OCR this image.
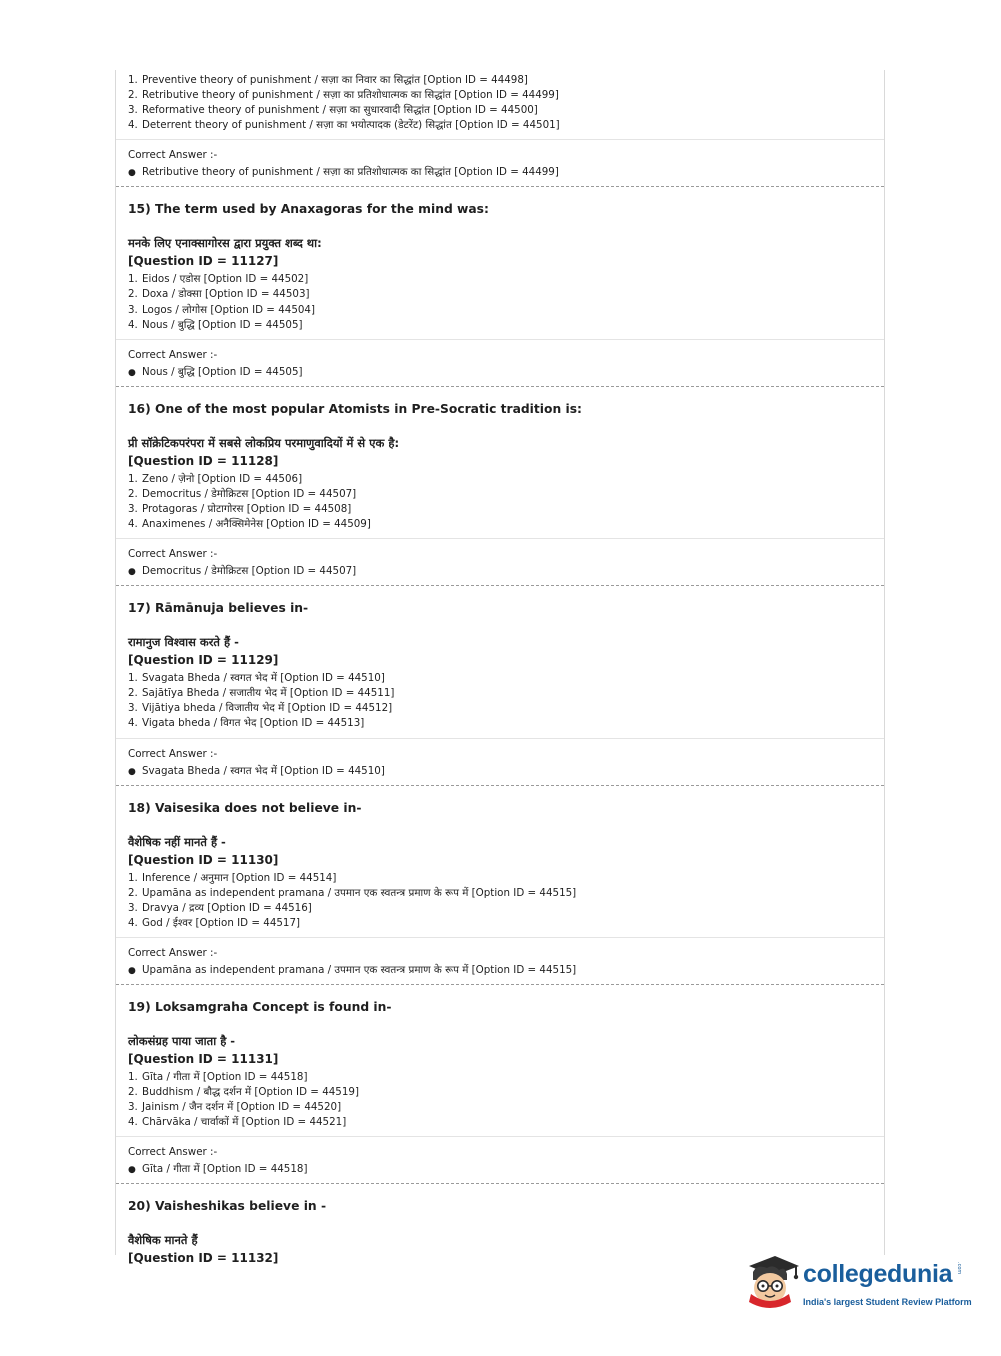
1. Preventive theory of punishment / सज़ा का निवार का सिद्धांत [Option ID = 44498]
2. Retributive theory of punishment / सज़ा का प्रतिशोधात्मक का सिद्धांत [Option ID = 44499]
3. Reformative theory of punishment / सज़ा का सुधारवादी सिद्धांत [Option ID = 44500]
4. Deterrent theory of punishment / सज़ा का भयोत्पादक (डेटरेंट) सिद्धांत [Option ID = 44501]
Correct Answer :-
● Retributive theory of punishment / सज़ा का प्रतिशोधात्मक का सिद्धांत [Option ID = 44499]
15) The term used by Anaxagoras for the mind was:
मनके लिए एनाक्सागोरस द्वारा प्रयुक्त शब्द था:
[Question ID = 11127]
1. Eidos / एडोस [Option ID = 44502]
2. Doxa / डोक्सा [Option ID = 44503]
3. Logos / लोगोस [Option ID = 44504]
4. Nous / बुद्धि [Option ID = 44505]
Correct Answer :-
● Nous / बुद्धि [Option ID = 44505]
16) One of the most popular Atomists in Pre-Socratic tradition is:
प्री सॉक्रेटिकपरंपरा में सबसे लोकप्रिय परमाणुवादियों में से एक है:
[Question ID = 11128]
1. Zeno / ज़ेनो [Option ID = 44506]
2. Democritus / डेमोक्रिटस [Option ID = 44507]
3. Protagoras / प्रोटागोरस [Option ID = 44508]
4. Anaximenes / अनैक्सिमेनेस [Option ID = 44509]
Correct Answer :-
● Democritus / डेमोक्रिटस [Option ID = 44507]
17) Rāmānuja believes in-
रामानुज विश्वास करते हैं -
[Question ID = 11129]
1. Svagata Bheda / स्वगत भेद में [Option ID = 44510]
2. Sajātīya Bheda / सजातीय भेद में [Option ID = 44511]
3. Vijātiya bheda / विजातीय भेद में [Option ID = 44512]
4. Vigata bheda / विगत भेद [Option ID = 44513]
Correct Answer :-
● Svagata Bheda / स्वगत भेद में [Option ID = 44510]
18) Vaisesika does not believe in-
वैशेषिक नहीं मानते हैं -
[Question ID = 11130]
1. Inference / अनुमान [Option ID = 44514]
2. Upamāna as independent pramana / उपमान एक स्वतन्त्र प्रमाण के रूप में [Option ID = 44515]
3. Dravya / द्रव्य [Option ID = 44516]
4. God / ईश्वर [Option ID = 44517]
Correct Answer :-
● Upamāna as independent pramana / उपमान एक स्वतन्त्र प्रमाण के रूप में [Option ID = 44515]
19) Loksamgraha Concept is found in-
लोकसंग्रह पाया जाता है -
[Question ID = 11131]
1. Gīta / गीता में [Option ID = 44518]
2. Buddhism / बौद्ध दर्शन में [Option ID = 44519]
3. Jainism / जैन दर्शन में [Option ID = 44520]
4. Chārvāka / चार्वाकों में [Option ID = 44521]
Correct Answer :-
● Gīta / गीता में [Option ID = 44518]
20) Vaisheshikas believe in -
वैशेषिक मानते हैं
[Question ID = 11132]
collegedunia .com
India's largest Student Review Platform
